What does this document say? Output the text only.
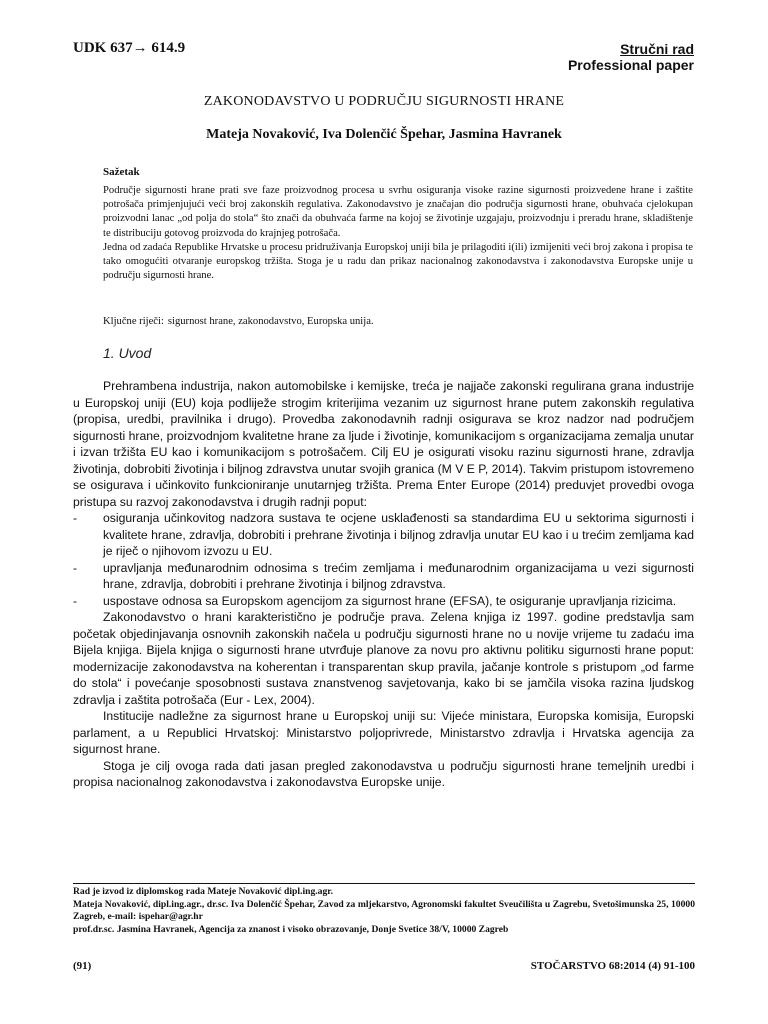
UDK 637→ 614.9	Stručni rad
Professional paper
ZAKONODAVSTVO U PODRUČJU SIGURNOSTI HRANE
Mateja Novaković, Iva Dolenčić Špehar, Jasmina Havranek
Sažetak

Područje sigurnosti hrane prati sve faze proizvodnog procesa u svrhu osiguranja visoke razine sigurnosti proizvedene hrane i zaštite potrošača primjenjujući veći broj zakonskih regulativa. Zakonodavstvo je značajan dio područja sigurnosti hrane, obuhvaća cjelokupan proizvodni lanac „od polja do stola“ što znači da obuhvaća farme na kojoj se životinje uzgajaju, proizvodnju i preradu hrane, skladištenje te distribuciju gotovog proizvoda do krajnjeg potrošača.

Jedna od zadaća Republike Hrvatske u procesu pridruživanja Europskoj uniji bila je prilagoditi i(ili) izmijeniti veći broj zakona i propisa te tako omogućiti otvaranje europskog tržišta. Stoga je u radu dan prikaz nacionalnog zakonodavstva i zakonodavstva Europske unije u području sigurnosti hrane.

Ključne riječi: sigurnost hrane, zakonodavstvo, Europska unija.
1. Uvod

Prehrambena industrija, nakon automobilske i kemijske, treća je najjače zakonski regulirana grana industrije u Europskoj uniji (EU) koja podliježe strogim kriterijima vezanim uz sigurnost hrane putem zakonskih regulativa (propisa, uredbi, pravilnika i drugo). Provedba zakonodavnih radnji osigurava se kroz nadzor nad područjem sigurnosti hrane, proizvodnjom kvalitetne hrane za ljude i životinje, komunikacijom s organizacijama zemalja unutar i izvan tržišta EU kao i komunikacijom s potrošačem. Cilj EU je osigurati visoku razinu sigurnosti hrane, zdravlja životinja, dobrobiti životinja i biljnog zdravstva unutar svojih granica (M V E P, 2014). Takvim pristupom istovremeno se osigurava i učinkovito funkcioniranje unutarnjeg tržišta. Prema Enter Europe (2014) preduvjet provedbi ovoga pristupa su razvoj zakonodavstva i drugih radnji poput:

- osiguranja učinkovitog nadzora sustava te ocjene usklađenosti sa standardima EU u sektorima sigurnosti i kvalitete hrane, zdravlja, dobrobiti i prehrane životinja i biljnog zdravlja unutar EU kao i u trećim zemljama kad je riječ o njihovom izvozu u EU.
- upravljanja međunarodnim odnosima s trećim zemljama i međunarodnim organizacijama u vezi sigurnosti hrane, zdravlja, dobrobiti i prehrane životinja i biljnog zdravstva.
- uspostave odnosa sa Europskom agencijom za sigurnost hrane (EFSA), te osiguranje upravljanja rizicima.

Zakonodavstvo o hrani karakteristično je područje prava. Zelena knjiga iz 1997. godine predstavlja sam početak objedinjavanja osnovnih zakonskih načela u području sigurnosti hrane no u novije vrijeme tu zadaću ima Bijela knjiga. Bijela knjiga o sigurnosti hrane utvrđuje planove za novu pro aktivnu politiku sigurnosti hrane poput: modernizacije zakonodavstva na koherentan i transparentan skup pravila, jačanje kontrole s pristupom „od farme do stola“ i povećanje sposobnosti sustava znanstvenog savjetovanja, kako bi se jamčila visoka razina ljudskog zdravlja i zaštita potrošača (Eur - Lex, 2004).

Institucije nadležne za sigurnost hrane u Europskoj uniji su: Vijeće ministara, Europska komisija, Europski parlament, a u Republici Hrvatskoj: Ministarstvo poljoprivrede, Ministarstvo zdravlja i Hrvatska agencija za sigurnost hrane.

Stoga je cilj ovoga rada dati jasan pregled zakonodavstva u području sigurnosti hrane temeljnih uredbi i propisa nacionalnog zakonodavstva i zakonodavstva Europske unije.

Rad je izvod iz diplomskog rada Mateje Novaković dipl.ing.agr.

Mateja Novaković, dipl.ing.agr., dr.sc. Iva Dolenčić Špehar, Zavod za mljekarstvo, Agronomski fakultet Sveučilišta u Zagrebu, Svetošimunska 25, 10000 Zagreb, e-mail: ispehar@agr.hr

prof.dr.sc. Jasmina Havranek, Agencija za znanost i visoko obrazovanje, Donje Svetice 38/V, 10000 Zagreb

(91)	STOČARSTVO 68:2014 (4) 91-100
